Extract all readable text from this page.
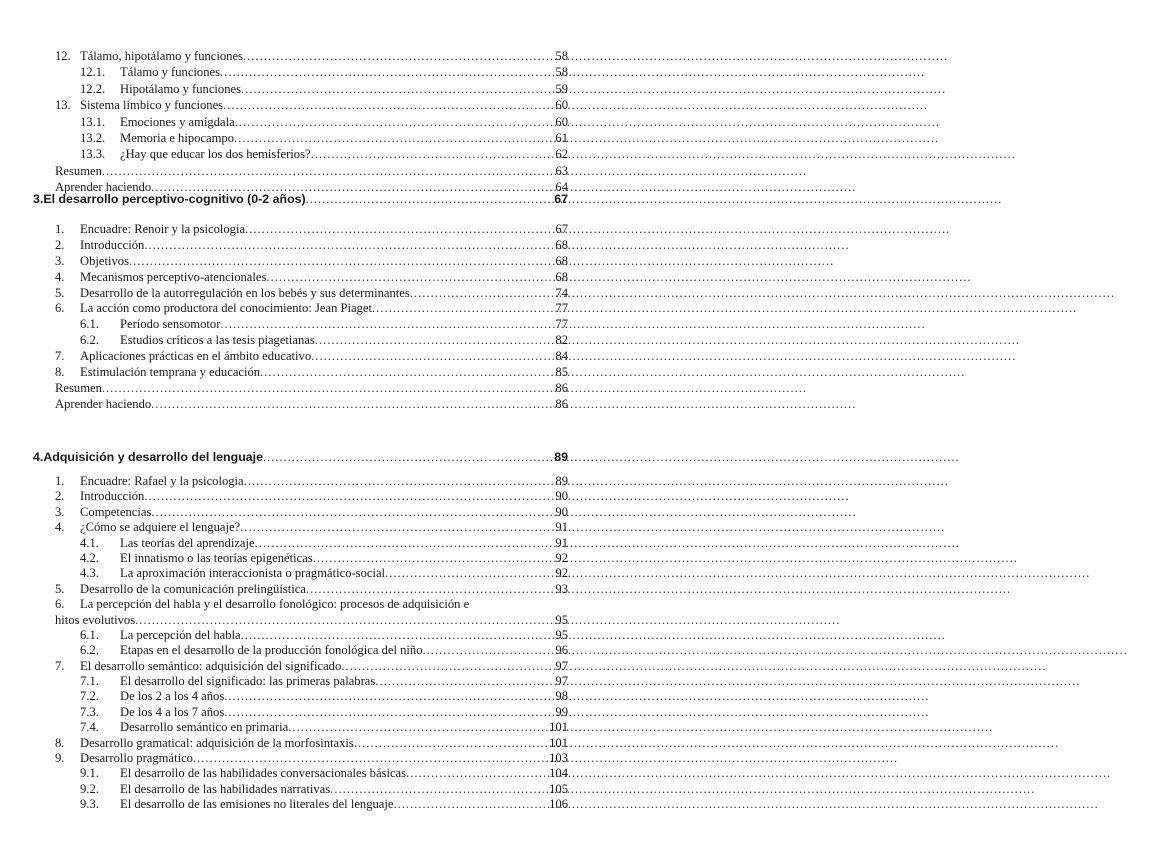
12. Tálamo, hipotálamo y funciones .....	58
12.1.	Tálamo y funciones .....	58
12.2.	Hipotálamo y funciones .....	59
13. Sistema límbico y funciones .....	60
13.1.	Emociones y amígdala .....	60
13.2.	Memoria e hipocampo .....	61
13.3.	¿Hay que educar los dos hemisferios? .....	62
Resumen .....	63
Aprender haciendo .....	64
3. El desarrollo perceptivo-cognitivo (0-2 años) .....	67
1.	Encuadre: Renoir y la psicologia .....	67
2.	Introducción .....	68
3.	Objetivos .....	68
4.	Mecanismos perceptivo-atencionales .....	68
5.	Desarrollo de la autorregulación en los bebés y sus determinantes .....	74
6.	La acción como productora del conocimiento: Jean Piaget .....	77
6.1.	Período sensomotor .....	77
6.2.	Estudios críticos a las tesis piagetianas .....	82
7.	Aplicaciones prácticas en el ámbito educativo .....	84
8.	Estimulación temprana y educación .....	85
Resumen .....	86
Aprender haciendo .....	86
4. Adquisición y desarrollo del lenguaje .....	89
1.	Encuadre: Rafael y la psicologia .....	89
2.	Introducción .....	90
3.	Competencias .....	90
4.	¿Cómo se adquiere el lenguaje? .....	91
4.1.	Las teorías del aprendizaje .....	91
4.2.	El innatismo o las teorías epigenéticas .....	92
4.3.	La aproximación interaccionista o pragmático-social .....	92
5.	Desarrollo de la comunicación prelingüística .....	93
6.	La percepción del habla y el desarrollo fonológico: procesos de adquisición e
hitos evolutivos .....	95
6.1.	La percepción del habla .....	95
6.2.	Etapas en el desarrollo de la producción fonológica del niño .....	96
7.	El desarrollo semántico: adquisición del significado .....	97
7.1.	El desarrollo del significado: las primeras palabras .....	97
7.2.	De los 2 a los 4 años .....	98
7.3.	De los 4 a los 7 años .....	99
7.4.	Desarrollo semántico en primaria .....	101
8.	Desarrollo gramatical: adquisición de la morfosintaxis .....	101
9.	Desarrollo pragmático .....	103
9.1.	El desarrollo de las habilidades conversacionales básicas .....	104
9.2.	El desarrollo de las habilidades narrativas .....	105
9.3.	El desarrollo de las emisiones no literales del lenguaje .....	106
